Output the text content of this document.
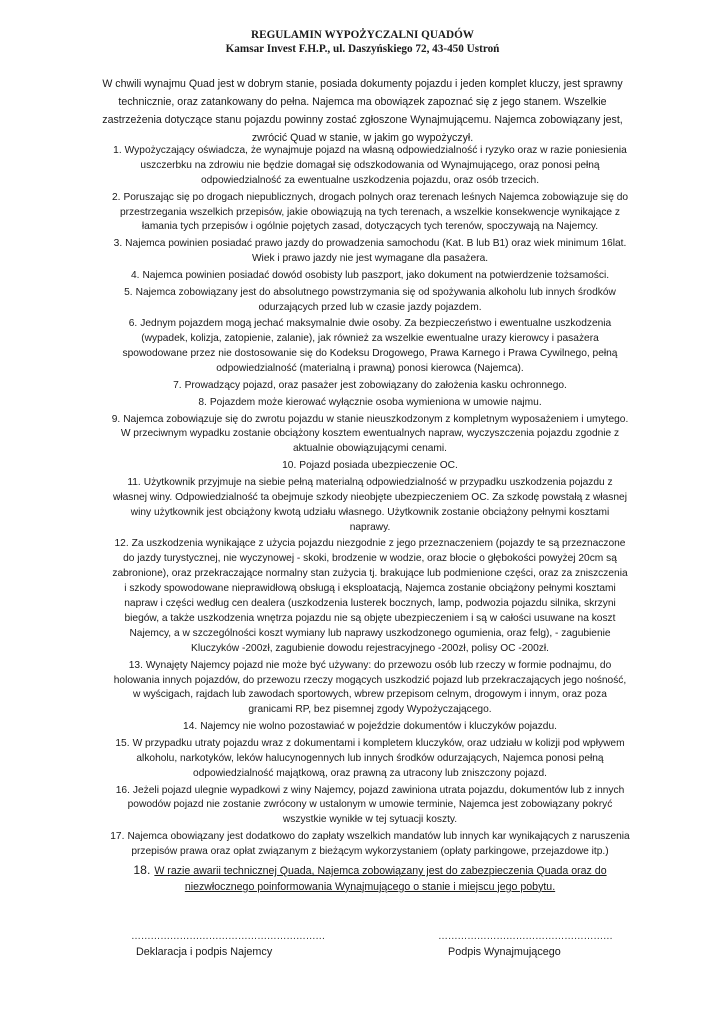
REGULAMIN WYPOŻYCZALNI QUADÓW
Kamsar Invest F.H.P., ul. Daszyńskiego 72, 43-450 Ustroń
W chwili wynajmu Quad jest w dobrym stanie, posiada dokumenty pojazdu i jeden komplet kluczy, jest sprawny technicznie, oraz zatankowany do pełna. Najemca ma obowiązek zapoznać się z jego stanem. Wszelkie zastrzeżenia dotyczące stanu pojazdu powinny zostać zgłoszone Wynajmującemu. Najemca zobowiązany jest, zwrócić Quad w stanie, w jakim go wypożyczył.
1. Wypożyczający oświadcza, że wynajmuje pojazd na własną odpowiedzialność i ryzyko oraz w razie poniesienia uszczerbku na zdrowiu nie będzie domagał się odszkodowania od Wynajmującego, oraz ponosi pełną odpowiedzialność za ewentualne uszkodzenia pojazdu, oraz osób trzecich.
2. Poruszając się po drogach niepublicznych, drogach polnych oraz terenach leśnych Najemca zobowiązuje się do przestrzegania wszelkich przepisów, jakie obowiązują na tych terenach, a wszelkie konsekwencje wynikające z łamania tych przepisów i ogólnie pojętych zasad, dotyczących tych terenów, spoczywają na Najemcy.
3. Najemca powinien posiadać prawo jazdy do prowadzenia samochodu (Kat. B lub B1) oraz wiek minimum 16lat. Wiek i prawo jazdy nie jest wymagane dla pasażera.
4. Najemca powinien posiadać dowód osobisty lub paszport, jako dokument na potwierdzenie tożsamości.
5. Najemca zobowiązany jest do absolutnego powstrzymania się od spożywania alkoholu lub innych środków odurzających przed lub w czasie jazdy pojazdem.
6. Jednym pojazdem mogą jechać maksymalnie dwie osoby. Za bezpieczeństwo i ewentualne uszkodzenia (wypadek, kolizja, zatopienie, zalanie), jak również za wszelkie ewentualne urazy kierowcy i pasażera spowodowane przez nie dostosowanie się do Kodeksu Drogowego, Prawa Karnego i Prawa Cywilnego, pełną odpowiedzialność (materialną i prawną) ponosi kierowca (Najemca).
7. Prowadzący pojazd, oraz pasażer jest zobowiązany do założenia kasku ochronnego.
8. Pojazdem może kierować wyłącznie osoba wymieniona w umowie najmu.
9. Najemca zobowiązuje się do zwrotu pojazdu w stanie nieuszkodzonym z kompletnym wyposażeniem i umytego. W przeciwnym wypadku zostanie obciążony kosztem ewentualnych napraw, wyczyszczenia pojazdu zgodnie z aktualnie obowiązującymi cenami.
10. Pojazd posiada ubezpieczenie OC.
11. Użytkownik przyjmuje na siebie pełną materialną odpowiedzialność w przypadku uszkodzenia pojazdu z własnej winy. Odpowiedzialność ta obejmuje szkody nieobjęte ubezpieczeniem OC. Za szkodę powstałą z własnej winy użytkownik jest obciążony kwotą udziału własnego. Użytkownik zostanie obciążony pełnymi kosztami naprawy.
12. Za uszkodzenia wynikające z użycia pojazdu niezgodnie z jego przeznaczeniem (pojazdy te są przeznaczone do jazdy turystycznej, nie wyczynowej - skoki, brodzenie w wodzie, oraz błocie o głębokości powyżej 20cm są zabronione), oraz przekraczające normalny stan zużycia tj. brakujące lub podmienione części, oraz za zniszczenia i szkody spowodowane nieprawidłową obsługą i eksploatacją, Najemca zostanie obciążony pełnymi kosztami napraw i części według cen dealera (uszkodzenia lusterek bocznych, lamp, podwozia pojazdu silnika, skrzyni biegów, a także uszkodzenia wnętrza pojazdu nie są objęte ubezpieczeniem i są w całości usuwane na koszt Najemcy, a w szczególności koszt wymiany lub naprawy uszkodzonego ogumienia, oraz felg), - zagubienie Kluczyków -200zł, zagubienie dowodu rejestracyjnego -200zł, polisy OC -200zł.
13. Wynajęty Najemcy pojazd nie może być używany: do przewozu osób lub rzeczy w formie podnajmu, do holowania innych pojazdów, do przewozu rzeczy mogących uszkodzić pojazd lub przekraczających jego nośność, w wyścigach, rajdach lub zawodach sportowych, wbrew przepisom celnym, drogowym i innym, oraz poza granicami RP, bez pisemnej zgody Wypożyczającego.
14. Najemcy nie wolno pozostawiać w pojeździe dokumentów i kluczyków pojazdu.
15. W przypadku utraty pojazdu wraz z dokumentami i kompletem kluczyków, oraz udziału w kolizji pod wpływem alkoholu, narkotyków, leków halucynogennych lub innych środków odurzających, Najemca ponosi pełną odpowiedzialność majątkową, oraz prawną za utracony lub zniszczony pojazd.
16. Jeżeli pojazd ulegnie wypadkowi z winy Najemcy, pojazd zawiniona utrata pojazdu, dokumentów lub z innych powodów pojazd nie zostanie zwrócony w ustalonym w umowie terminie, Najemca jest zobowiązany pokryć wszystkie wynikłe w tej sytuacji koszty.
17. Najemca obowiązany jest dodatkowo do zapłaty wszelkich mandatów lub innych kar wynikających z naruszenia przepisów prawa oraz opłat związanym z bieżącym wykorzystaniem (opłaty parkingowe, przejazdowe itp.)
18. W razie awarii technicznej Quada, Najemca zobowiązany jest do zabezpieczenia Quada oraz do niezwłocznego poinformowania Wynajmującego o stanie i miejscu jego pobytu.
……………………………………………………
Deklaracja i podpis Najemcy
………………………………………………
Podpis Wynajmującego
